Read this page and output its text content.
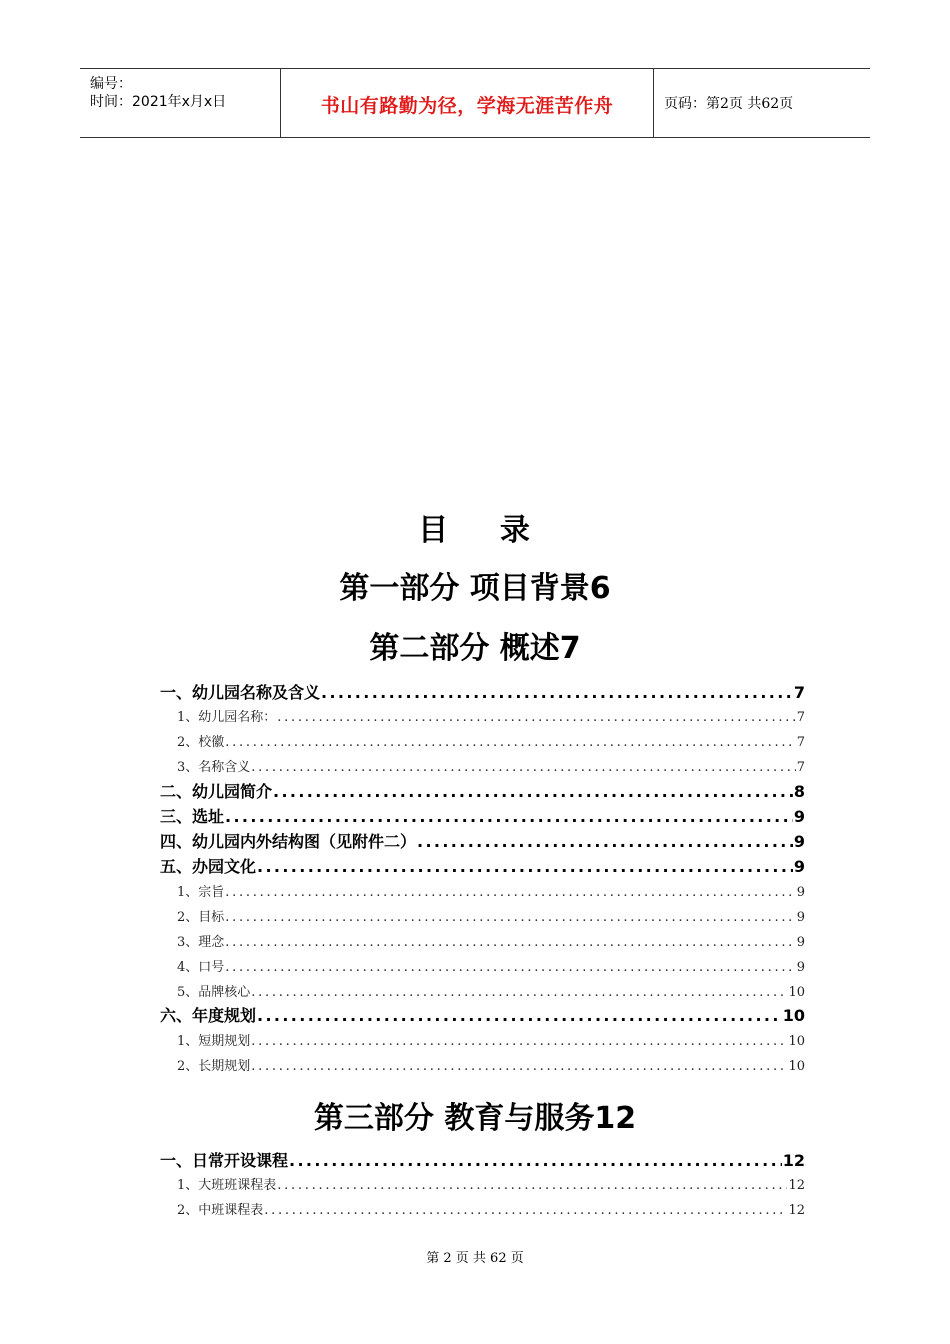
编号：
时间：2021年x月x日	书山有路勤为径，学海无涯苦作舟	页码：第2页 共62页
目    录
第一部分 项目背景6
第二部分 概述7
一、幼儿园名称及含义 . . .	7
1、幼儿园名称： . . .	7
2、校徽 . . .	7
3、名称含义 . . .	7
二、幼儿园简介 . . .	8
三、选址 . . .	9
四、幼儿园内外结构图（见附件二） . . .	9
五、办园文化 . . .	9
1、宗旨 . . .	9
2、目标 . . .	9
3、理念 . . .	9
4、口号 . . .	9
5、品牌核心 . . .	10
六、年度规划 . . .	10
1、短期规划 . . .	10
2、长期规划 . . .	10
第三部分 教育与服务12
一、日常开设课程 . . .	12
1、大班班课程表 . . .	12
2、中班课程表 . . .	12
第 2 页 共 62 页
